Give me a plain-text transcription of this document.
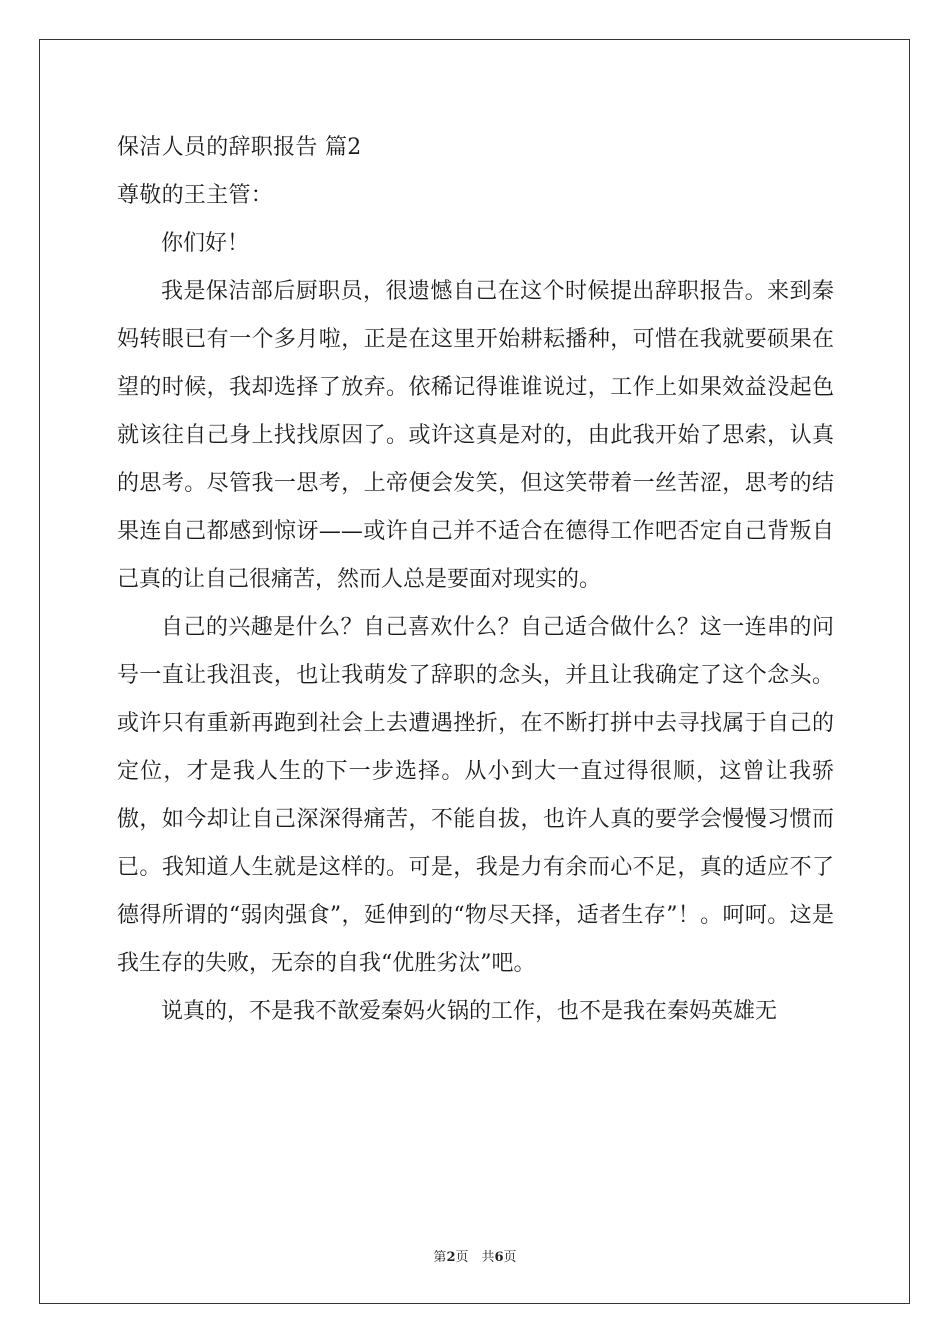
保洁人员的辞职报告 篇2
尊敬的王主管：

你们好！

我是保洁部后厨职员，很遗憾自己在这个时候提出辞职报告。来到秦妈转眼已有一个多月啦，正是在这里开始耕耘播种，可惜在我就要硕果在望的时候，我却选择了放弃。依稀记得谁谁说过，工作上如果效益没起色就该往自己身上找找原因了。或许这真是对的，由此我开始了思索，认真的思考。尽管我一思考，上帝便会发笑，但这笑带着一丝苦涩，思考的结果连自己都感到惊讶——或许自己并不适合在德得工作吧否定自己背叛自己真的让自己很痛苦，然而人总是要面对现实的。

自己的兴趣是什么？自己喜欢什么？自己适合做什么？这一连串的问号一直让我沮丧，也让我萌发了辞职的念头，并且让我确定了这个念头。或许只有重新再跑到社会上去遭遇挫折，在不断打拼中去寻找属于自己的定位，才是我人生的下一步选择。从小到大一直过得很顺，这曾让我骄傲，如今却让自己深深得痛苦，不能自拔，也许人真的要学会慢慢习惯而已。我知道人生就是这样的。可是，我是力有余而心不足，真的适应不了德得所谓的“弱肉强食”，延伸到的“物尽天择，适者生存”！。呵呵。这是我生存的失败，无奈的自我“优胜劣汰”吧。

说真的，不是我不歆爱秦妈火锅的工作，也不是我在秦妈英雄无

第2页　共6页
